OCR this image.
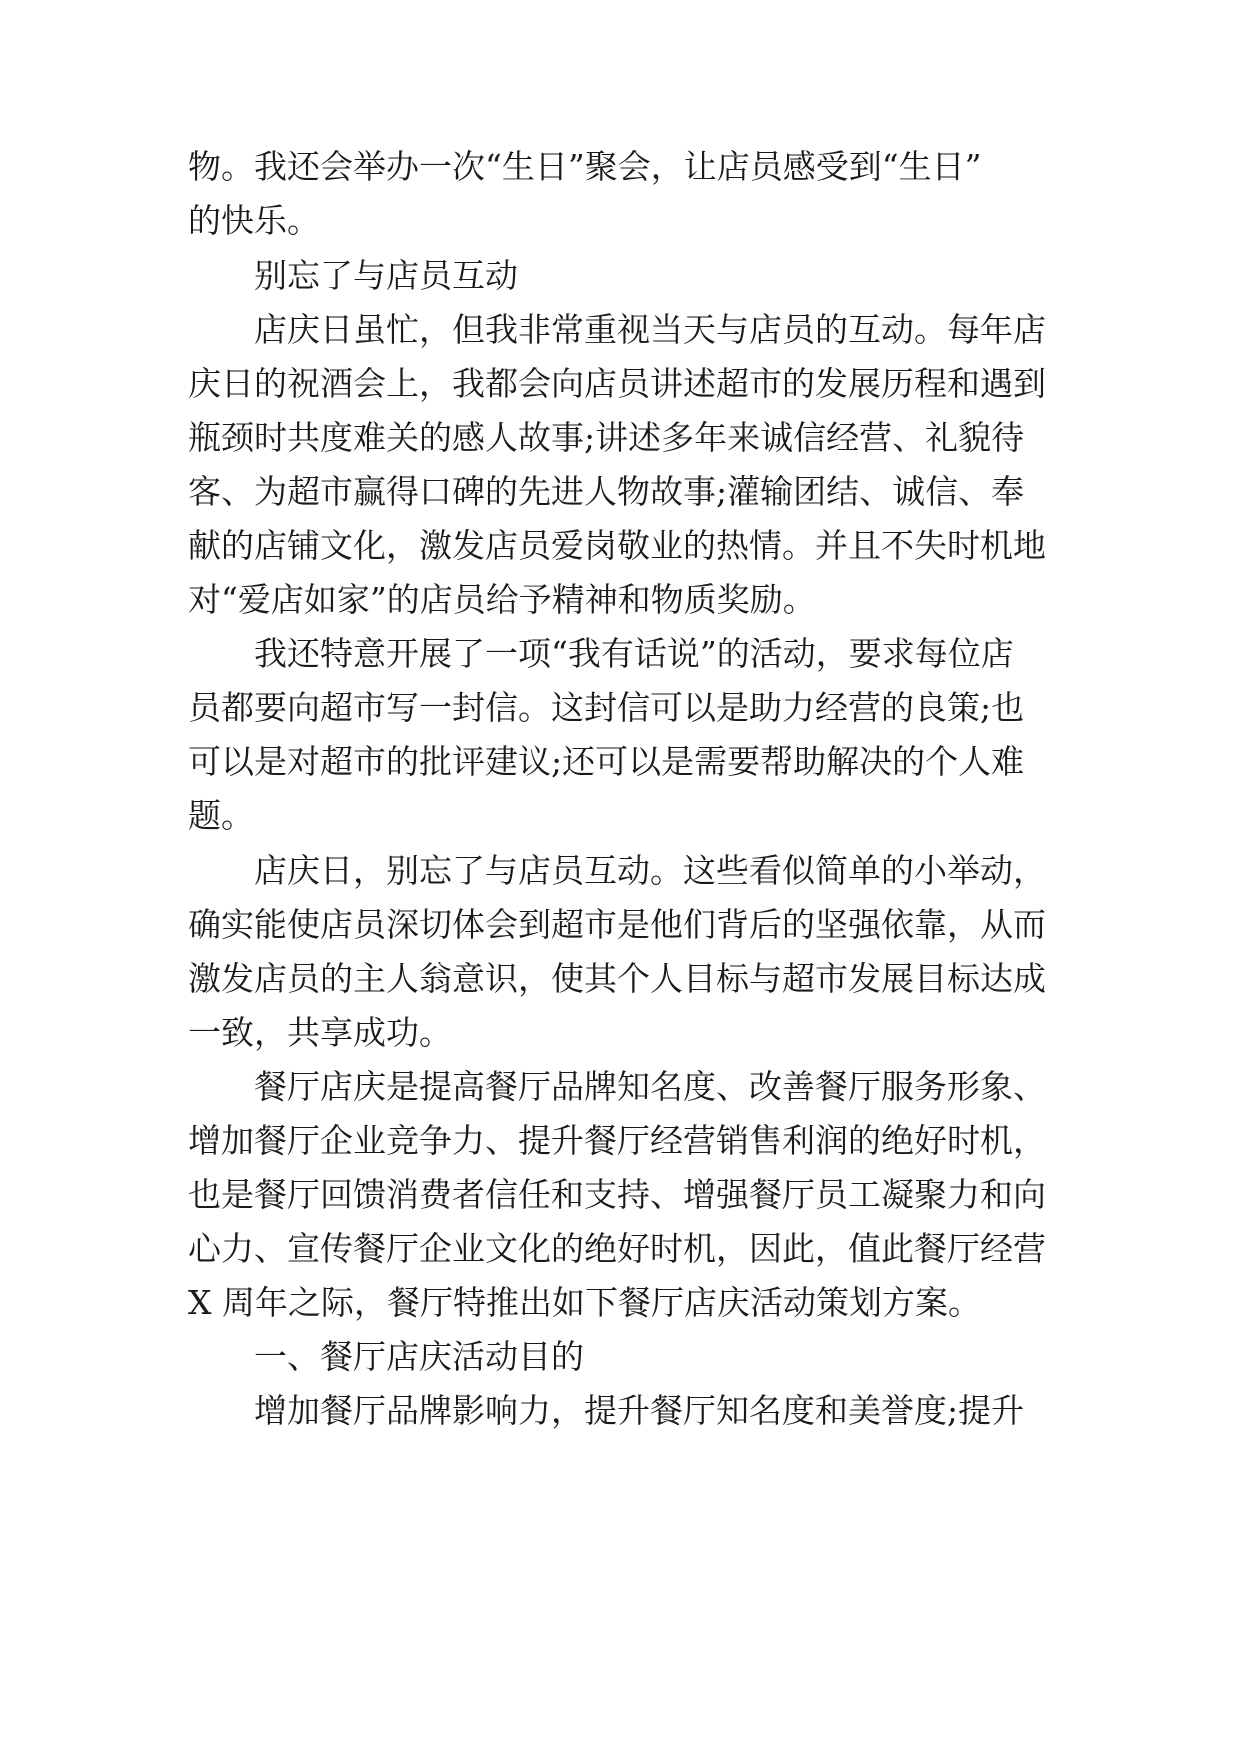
物。我还会举办一次“生日”聚会，让店员感受到“生日”

的快乐。

别忘了与店员互动

店庆日虽忙，但我非常重视当天与店员的互动。每年店

庆日的祝酒会上，我都会向店员讲述超市的发展历程和遇到

瓶颈时共度难关的感人故事;讲述多年来诚信经营、礼貌待

客、为超市赢得口碑的先进人物故事;灌输团结、诚信、奉

献的店铺文化，激发店员爱岗敬业的热情。并且不失时机地

对“爱店如家”的店员给予精神和物质奖励。

我还特意开展了一项“我有话说”的活动，要求每位店

员都要向超市写一封信。这封信可以是助力经营的良策;也

可以是对超市的批评建议;还可以是需要帮助解决的个人难

题。

店庆日，别忘了与店员互动。这些看似简单的小举动，

确实能使店员深切体会到超市是他们背后的坚强依靠，从而

激发店员的主人翁意识，使其个人目标与超市发展目标达成

一致，共享成功。

餐厅店庆是提高餐厅品牌知名度、改善餐厅服务形象、

增加餐厅企业竞争力、提升餐厅经营销售利润的绝好时机，

也是餐厅回馈消费者信任和支持、增强餐厅员工凝聚力和向

心力、宣传餐厅企业文化的绝好时机，因此，值此餐厅经营

X 周年之际，餐厅特推出如下餐厅店庆活动策划方案。

一、餐厅店庆活动目的

增加餐厅品牌影响力，提升餐厅知名度和美誉度;提升
